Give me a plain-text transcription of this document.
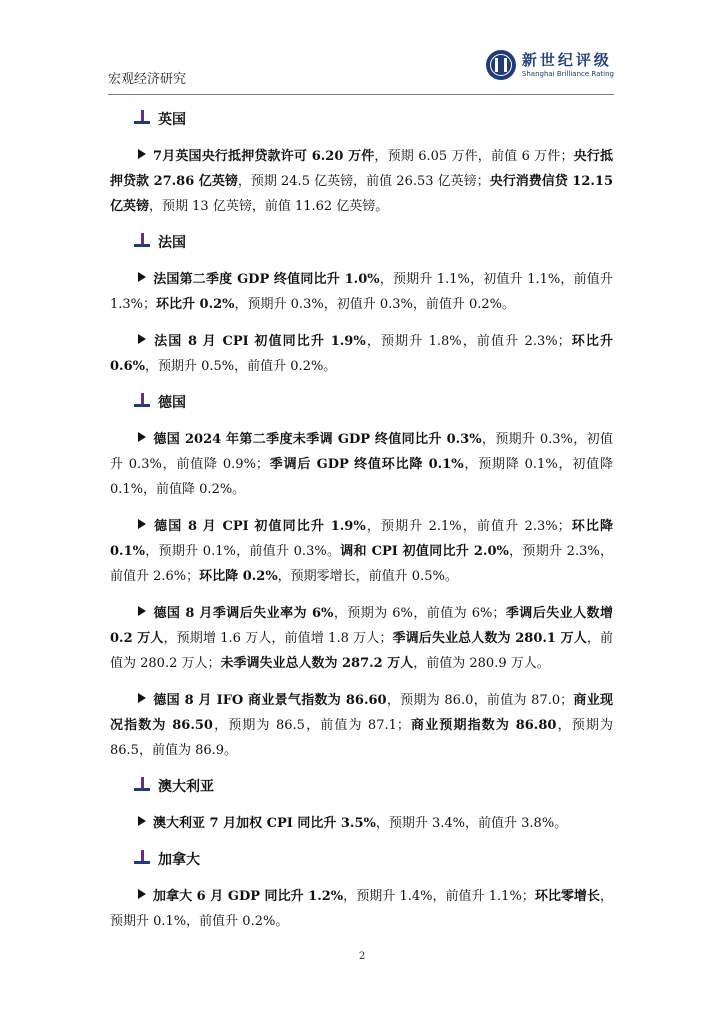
宏观经济研究
新世纪评级
Shanghai Brilliance Rating
英国
7月英国央行抵押贷款许可 6.20 万件，预期 6.05 万件，前值 6 万件；央行抵押贷款 27.86 亿英镑，预期 24.5 亿英镑，前值 26.53 亿英镑；央行消费信贷 12.15 亿英镑，预期 13 亿英镑，前值 11.62 亿英镑。
法国
法国第二季度 GDP 终值同比升 1.0%，预期升 1.1%，初值升 1.1%，前值升 1.3%；环比升 0.2%，预期升 0.3%，初值升 0.3%，前值升 0.2%。
法国 8 月 CPI 初值同比升 1.9%，预期升 1.8%，前值升 2.3%；环比升 0.6%，预期升 0.5%，前值升 0.2%。
德国
德国 2024 年第二季度未季调 GDP 终值同比升 0.3%，预期升 0.3%，初值升 0.3%，前值降 0.9%；季调后 GDP 终值环比降 0.1%，预期降 0.1%，初值降 0.1%，前值降 0.2%。
德国 8 月 CPI 初值同比升 1.9%，预期升 2.1%，前值升 2.3%；环比降 0.1%，预期升 0.1%，前值升 0.3%。调和 CPI 初值同比升 2.0%，预期升 2.3%，前值升 2.6%；环比降 0.2%，预期零增长，前值升 0.5%。
德国 8 月季调后失业率为 6%，预期为 6%，前值为 6%；季调后失业人数增 0.2 万人，预期增 1.6 万人，前值增 1.8 万人；季调后失业总人数为 280.1 万人，前值为 280.2 万人；未季调失业总人数为 287.2 万人，前值为 280.9 万人。
德国 8 月 IFO 商业景气指数为 86.60，预期为 86.0，前值为 87.0；商业现况指数为 86.50，预期为 86.5，前值为 87.1；商业预期指数为 86.80，预期为 86.5，前值为 86.9。
澳大利亚
澳大利亚 7 月加权 CPI 同比升 3.5%，预期升 3.4%，前值升 3.8%。
加拿大
加拿大 6 月 GDP 同比升 1.2%，预期升 1.4%，前值升 1.1%；环比零增长，预期升 0.1%，前值升 0.2%。
2
